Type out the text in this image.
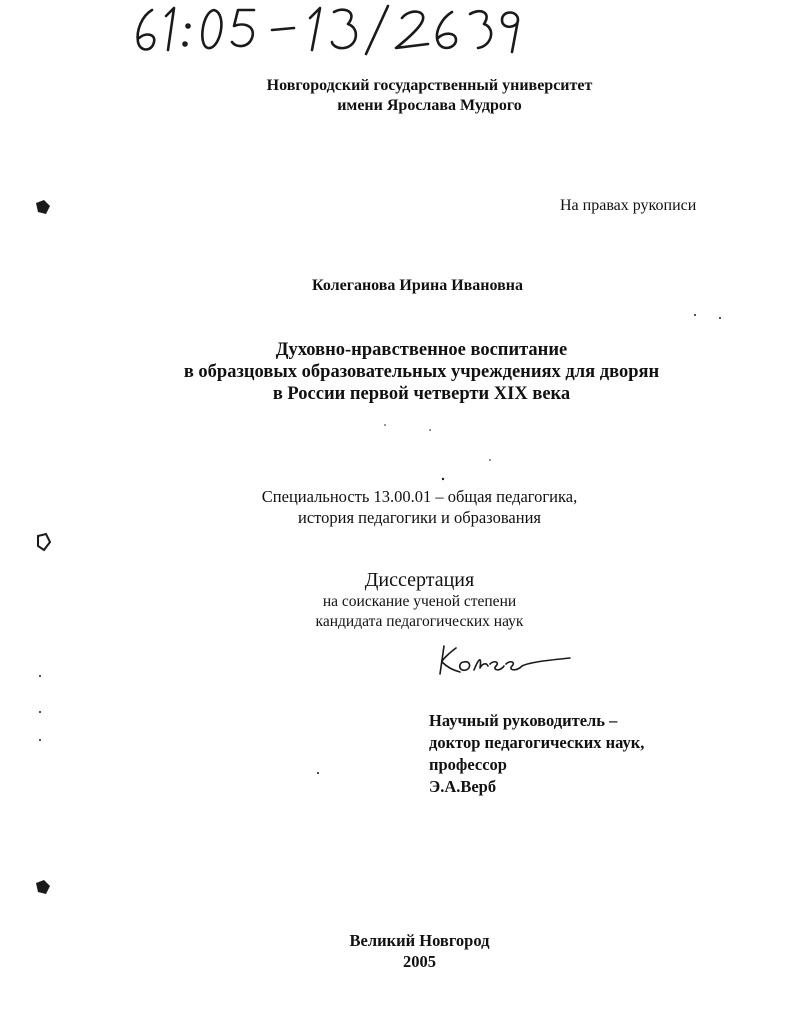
Новгородский государственный университет
имени Ярослава Мудрого
На правах рукописи
Колеганова Ирина Ивановна
Духовно-нравственное воспитание
в образцовых образовательных учреждениях для дворян
в России первой четверти XIX века
Специальность 13.00.01 – общая педагогика,
история педагогики и образования
Диссертация
на соискание ученой степени
кандидата педагогических наук
Научный руководитель –
доктор педагогических наук,
профессор
Э.А.Верб
Великий Новгород
2005
